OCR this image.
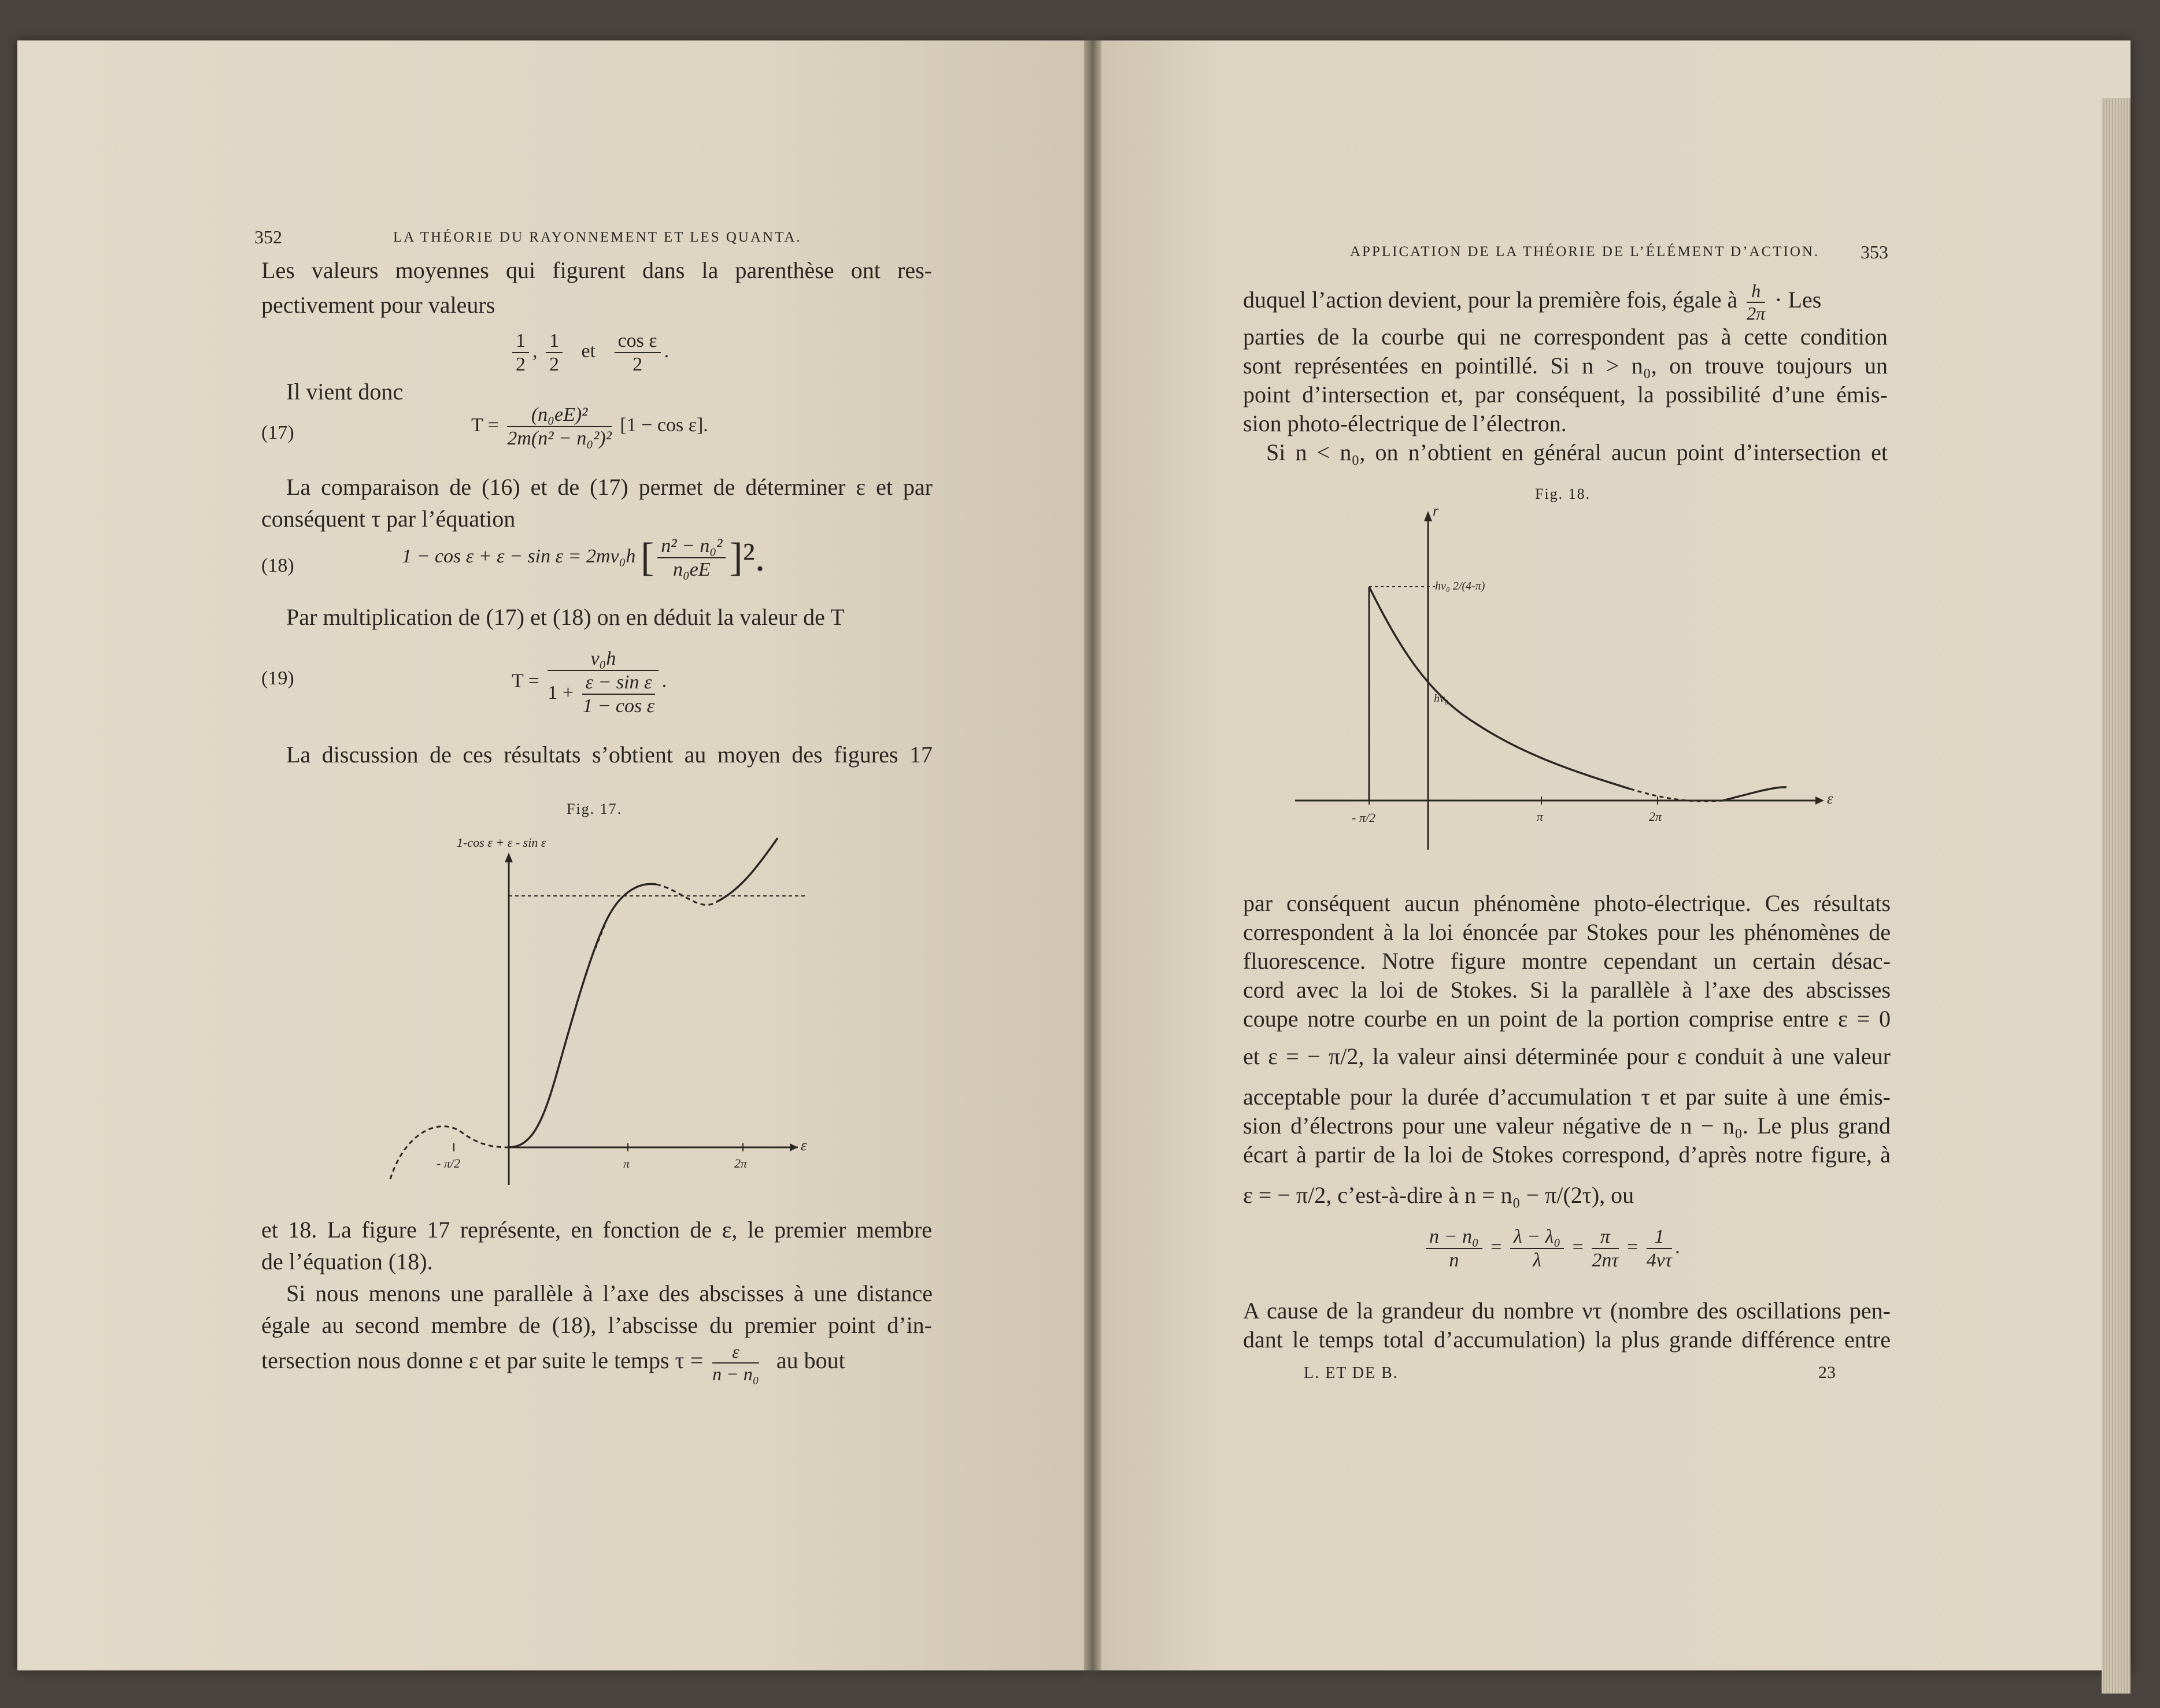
352	LA THÉORIE DU RAYONNEMENT ET LES QUANTA.
Les valeurs moyennes qui figurent dans la parenthèse ont res-
pectivement pour valeurs
$\frac{1}{2}$ , $\frac{1}{2}$ et $\frac{\text{cos ε}}{2}$ .
Il vient donc
(17)	$T = \frac{\text{(n₀eE)²}}{\text{2m(n² − n₀²)²}} [1 - \cos \varepsilon]$.
La comparaison de (16) et de (17) permet de déterminer ε et par
conséquent τ par l’équation
(18)	1 − cos ε + ε − sin ε = 2mν₀h [ $\frac{\text{n² − n₀²}}{\text{n₀eE}} ]^2$.
Par multiplication de (17) et (18) on en déduit la valeur de T
(19)	$T = \frac{\text{ν₀h}}{1 + \frac{\text{ε − sin ε}}{\text{1 − cos ε}}}$ .
La discussion de ces résultats s’obtient au moyen des figures 17
Fig. 17.
1-cos ε + ε - sin ε
ε
- π/2	π	2π
et 18. La figure 17 représente, en fonction de ε, le premier membre
de l’équation (18).
Si nous menons une parallèle à l’axe des abscisses à une distance
égale au second membre de (18), l’abscisse du premier point d’in-
tersection nous donne ε et par suite le temps $\tau = \frac{\varepsilon}{\text{n − n₀}}$ au bout
APPLICATION DE LA THÉORIE DE L’ÉLÉMENT D’ACTION. 353
duquel l’action devient, pour la première fois, égale à $\frac{h}{2\pi}$ · Les
parties de la courbe qui ne correspondent pas à cette condition
sont représentées en pointillé. Si n > n₀, on trouve toujours un
point d’intersection et, par conséquent, la possibilité d’une émis-
sion photo-électrique de l’électron.
Si n < n₀, on n’obtient en général aucun point d’intersection et
Fig. 18.
r
ε
hν₀ 2/(4-π)
hν₀
- π/2	π	2π
par conséquent aucun phénomène photo-électrique. Ces résultats
correspondent à la loi énoncée par Stokes pour les phénomènes de
fluorescence. Notre figure montre cependant un certain désac-
cord avec la loi de Stokes. Si la parallèle à l’axe des abscisses
coupe notre courbe en un point de la portion comprise entre ε = 0
et ε = − π/2, la valeur ainsi déterminée pour ε conduit à une valeur
acceptable pour la durée d’accumulation τ et par suite à une émis-
sion d’électrons pour une valeur négative de n − n₀. Le plus grand
écart à partir de la loi de Stokes correspond, d’après notre figure, à
ε = − π/2, c’est-à-dire à n = n₀ − π/(2τ), ou
$\frac{\text{n − n₀}}{n} = \frac{\text{λ − λ₀}}{\lambda} = \frac{\pi}{2n\tau} = \frac{1}{4\nu\tau}$ .
A cause de la grandeur du nombre ντ (nombre des oscillations pen-
dant le temps total d’accumulation) la plus grande différence entre
L. ET DE B.	23
